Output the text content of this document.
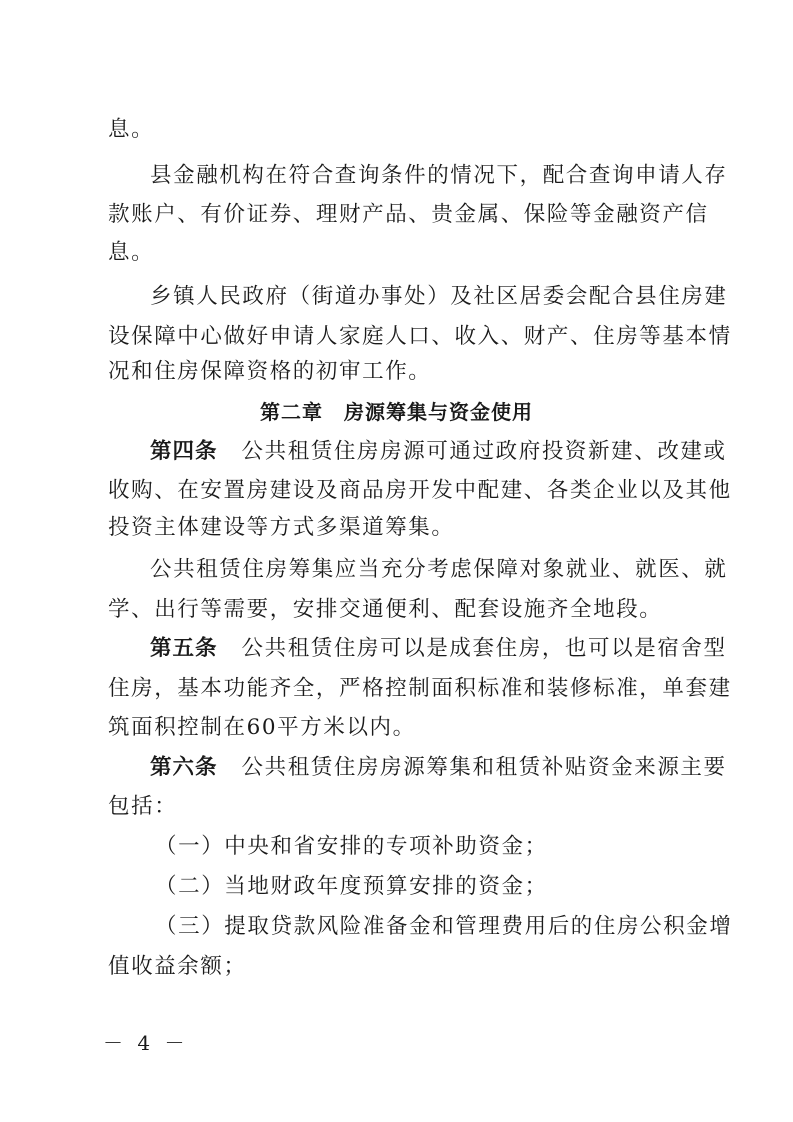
息。
县金融机构在符合查询条件的情况下，配合查询申请人存
款账户、有价证券、理财产品、贵金属、保险等金融资产信
息。
乡镇人民政府（街道办事处）及社区居委会配合县住房建
设保障中心做好申请人家庭人口、收入、财产、住房等基本情
况和住房保障资格的初审工作。
第二章　房源筹集与资金使用
第四条 公共租赁住房房源可通过政府投资新建、改建或
收购、在安置房建设及商品房开发中配建、各类企业以及其他
投资主体建设等方式多渠道筹集。
公共租赁住房筹集应当充分考虑保障对象就业、就医、就
学、出行等需要，安排交通便利、配套设施齐全地段。
第五条 公共租赁住房可以是成套住房，也可以是宿舍型
住房，基本功能齐全，严格控制面积标准和装修标准，单套建
筑面积控制在60平方米以内。
第六条 公共租赁住房房源筹集和租赁补贴资金来源主要
包括：
（一）中央和省安排的专项补助资金；
（二）当地财政年度预算安排的资金；
（三）提取贷款风险准备金和管理费用后的住房公积金增
值收益余额；
－ 4 －
